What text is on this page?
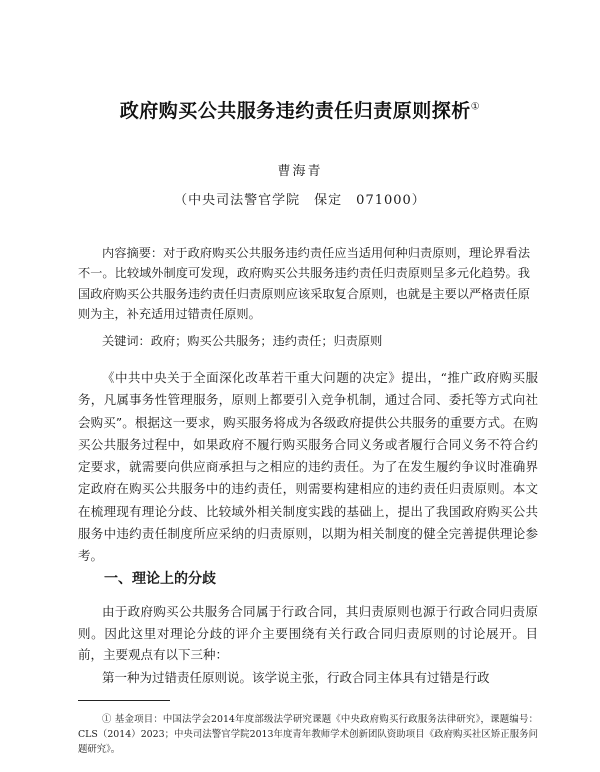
政府购买公共服务违约责任归责原则探析①
曹海青
（中央司法警官学院　保定　071000）
内容摘要：对于政府购买公共服务违约责任应当适用何种归责原则，理论界看法不一。比较域外制度可发现，政府购买公共服务违约责任归责原则呈多元化趋势。我国政府购买公共服务违约责任归责原则应该采取复合原则，也就是主要以严格责任原则为主，补充适用过错责任原则。
关键词：政府；购买公共服务；违约责任；归责原则
《中共中央关于全面深化改革若干重大问题的决定》提出，“推广政府购买服务，凡属事务性管理服务，原则上都要引入竞争机制，通过合同、委托等方式向社会购买”。根据这一要求，购买服务将成为各级政府提供公共服务的重要方式。在购买公共服务过程中，如果政府不履行购买服务合同义务或者履行合同义务不符合约定要求，就需要向供应商承担与之相应的违约责任。为了在发生履约争议时准确界定政府在购买公共服务中的违约责任，则需要构建相应的违约责任归责原则。本文在梳理现有理论分歧、比较域外相关制度实践的基础上，提出了我国政府购买公共服务中违约责任制度所应采纳的归责原则，以期为相关制度的健全完善提供理论参考。
一、理论上的分歧
由于政府购买公共服务合同属于行政合同，其归责原则也源于行政合同归责原则。因此这里对理论分歧的评介主要围绕有关行政合同归责原则的讨论展开。目前，主要观点有以下三种：
第一种为过错责任原则说。该学说主张，行政合同主体具有过错是行政
① 基金项目：中国法学会2014年度部级法学研究课题《中央政府购买行政服务法律研究》，课题编号：CLS（2014）2023；中央司法警官学院2013年度青年教师学术创新团队资助项目《政府购买社区矫正服务问题研究》。
